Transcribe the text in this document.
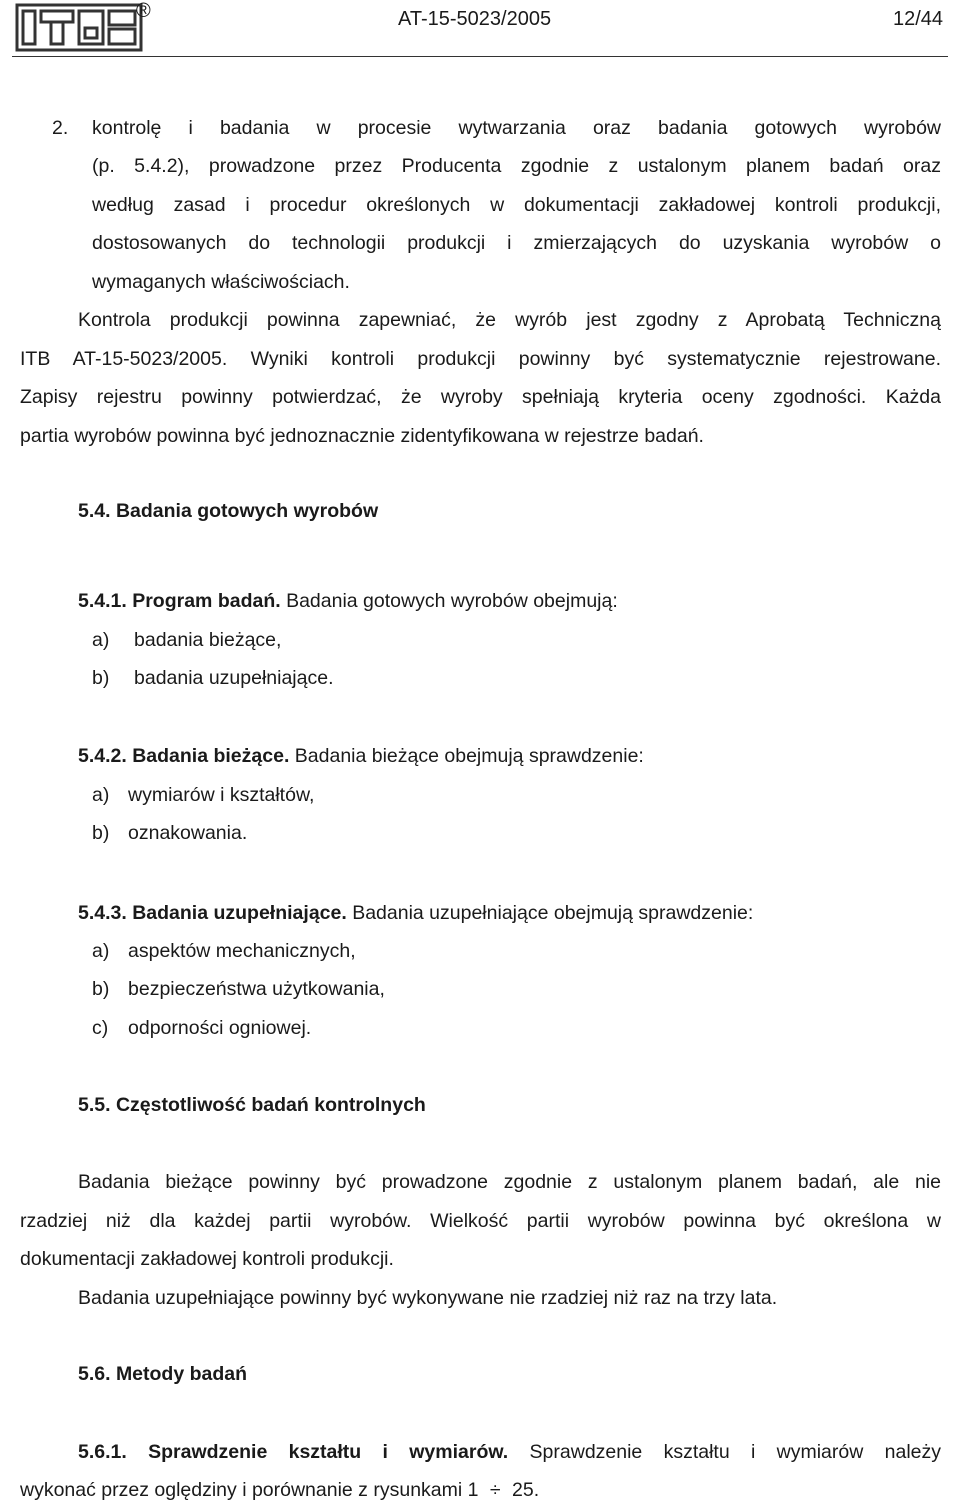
®	AT-15-5023/2005	12/44
2. kontrolę i badania w procesie wytwarzania oraz badania gotowych wyrobów
(p. 5.4.2), prowadzone przez Producenta zgodnie z ustalonym planem badań oraz
według zasad i procedur określonych w dokumentacji zakładowej kontroli produkcji,
dostosowanych do technologii produkcji i zmierzających do uzyskania wyrobów o
wymaganych właściwościach.
Kontrola produkcji powinna zapewniać, że wyrób jest zgodny z Aprobatą Techniczną
ITB AT-15-5023/2005. Wyniki kontroli produkcji powinny być systematycznie rejestrowane.
Zapisy rejestru powinny potwierdzać, że wyroby spełniają kryteria oceny zgodności. Każda
partia wyrobów powinna być jednoznacznie zidentyfikowana w rejestrze badań.
5.4. Badania gotowych wyrobów
5.4.1. Program badań. Badania gotowych wyrobów obejmują:
a) badania bieżące,
b) badania uzupełniające.
5.4.2. Badania bieżące. Badania bieżące obejmują sprawdzenie:
a) wymiarów i kształtów,
b) oznakowania.
5.4.3. Badania uzupełniające. Badania uzupełniające obejmują sprawdzenie:
a) aspektów mechanicznych,
b) bezpieczeństwa użytkowania,
c) odporności ogniowej.
5.5. Częstotliwość badań kontrolnych
Badania bieżące powinny być prowadzone zgodnie z ustalonym planem badań, ale nie
rzadziej niż dla każdej partii wyrobów. Wielkość partii wyrobów powinna być określona w
dokumentacji zakładowej kontroli produkcji.
Badania uzupełniające powinny być wykonywane nie rzadziej niż raz na trzy lata.
5.6. Metody badań
5.6.1. Sprawdzenie kształtu i wymiarów. Sprawdzenie kształtu i wymiarów należy
wykonać przez oględziny i porównanie z rysunkami 1 ÷ 25.
